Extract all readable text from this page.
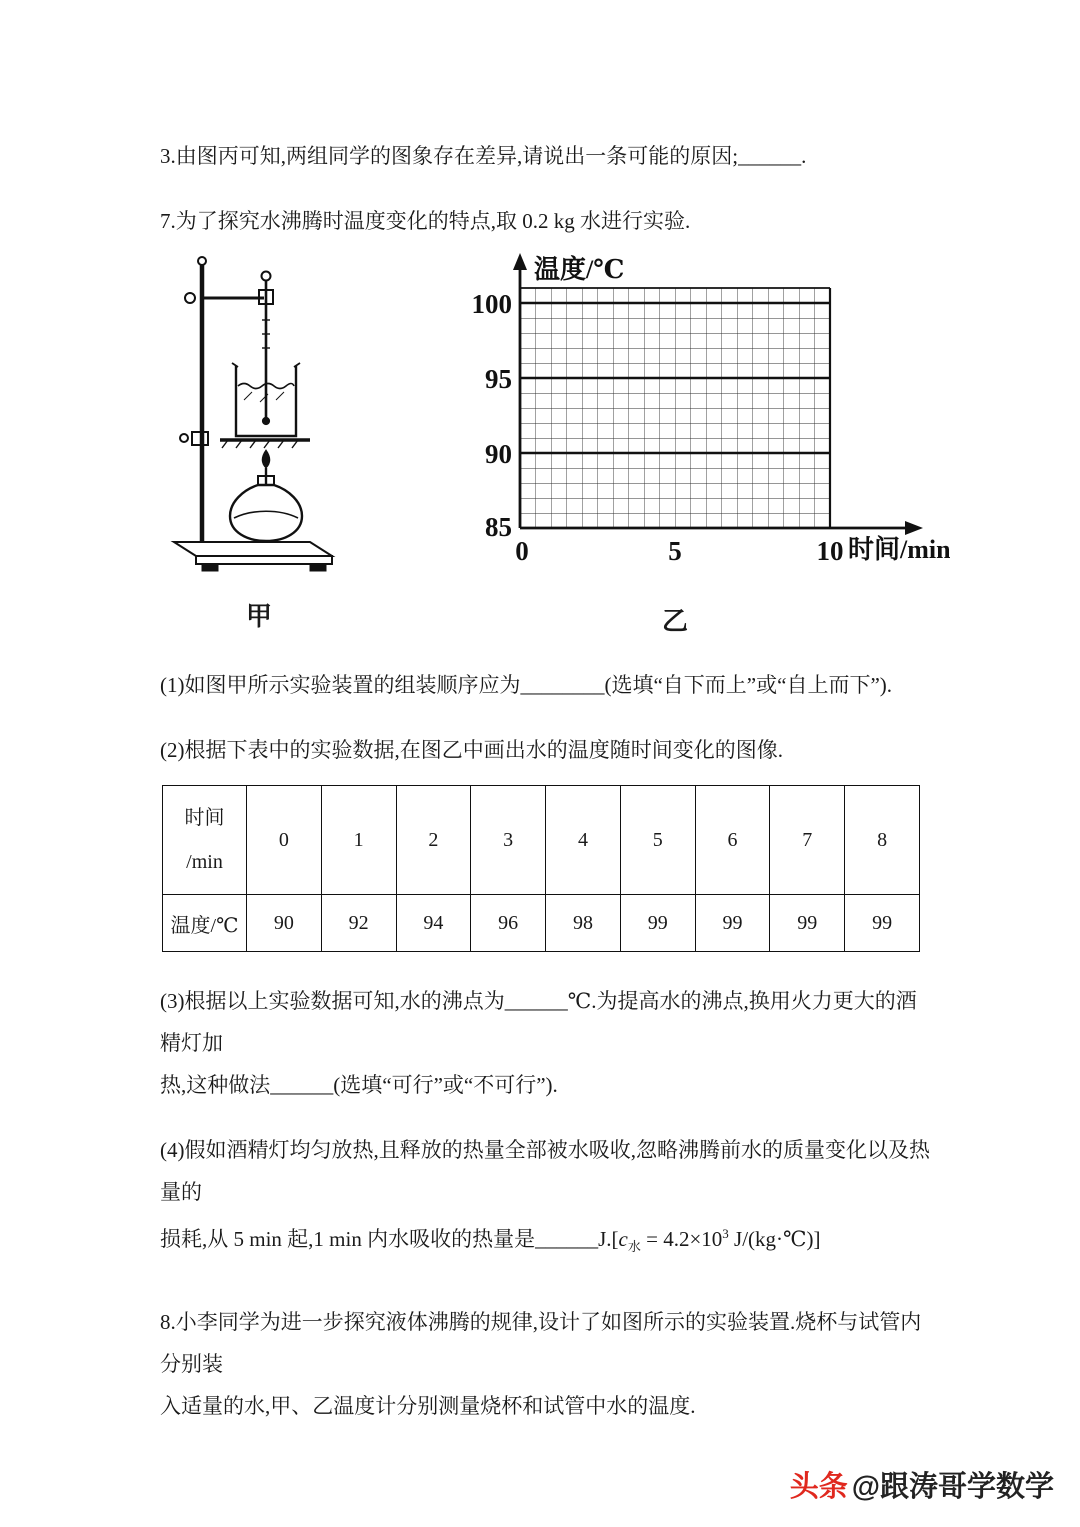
3.由图丙可知,两组同学的图象存在差异,请说出一条可能的原因;______.

7.为了探究水沸腾时温度变化的特点,取 0.2 kg 水进行实验.

甲
温度/℃
100
95
90
85
0	5	10 时间/min
乙

(1)如图甲所示实验装置的组装顺序应为________(选填“自下而上”或“自上而下”).

(2)根据下表中的实验数据,在图乙中画出水的温度随时间变化的图像.

时间
/min	0	1	2	3	4	5	6	7	8
温度/℃	90	92	94	96	98	99	99	99	99

(3)根据以上实验数据可知,水的沸点为______℃.为提高水的沸点,换用火力更大的酒精灯加
热,这种做法______(选填“可行”或“不可行”).

(4)假如酒精灯均匀放热,且释放的热量全部被水吸收,忽略沸腾前水的质量变化以及热量的
损耗,从 5 min 起,1 min 内水吸收的热量是$\_\_\_\_\_\_J.[c_水 = 4.2\times 10^3$ J/(kg·℃)]

8.小李同学为进一步探究液体沸腾的规律,设计了如图所示的实验装置.烧杯与试管内分别装
入适量的水,甲、乙温度计分别测量烧杯和试管中水的温度.

头条 @跟涛哥学数学
